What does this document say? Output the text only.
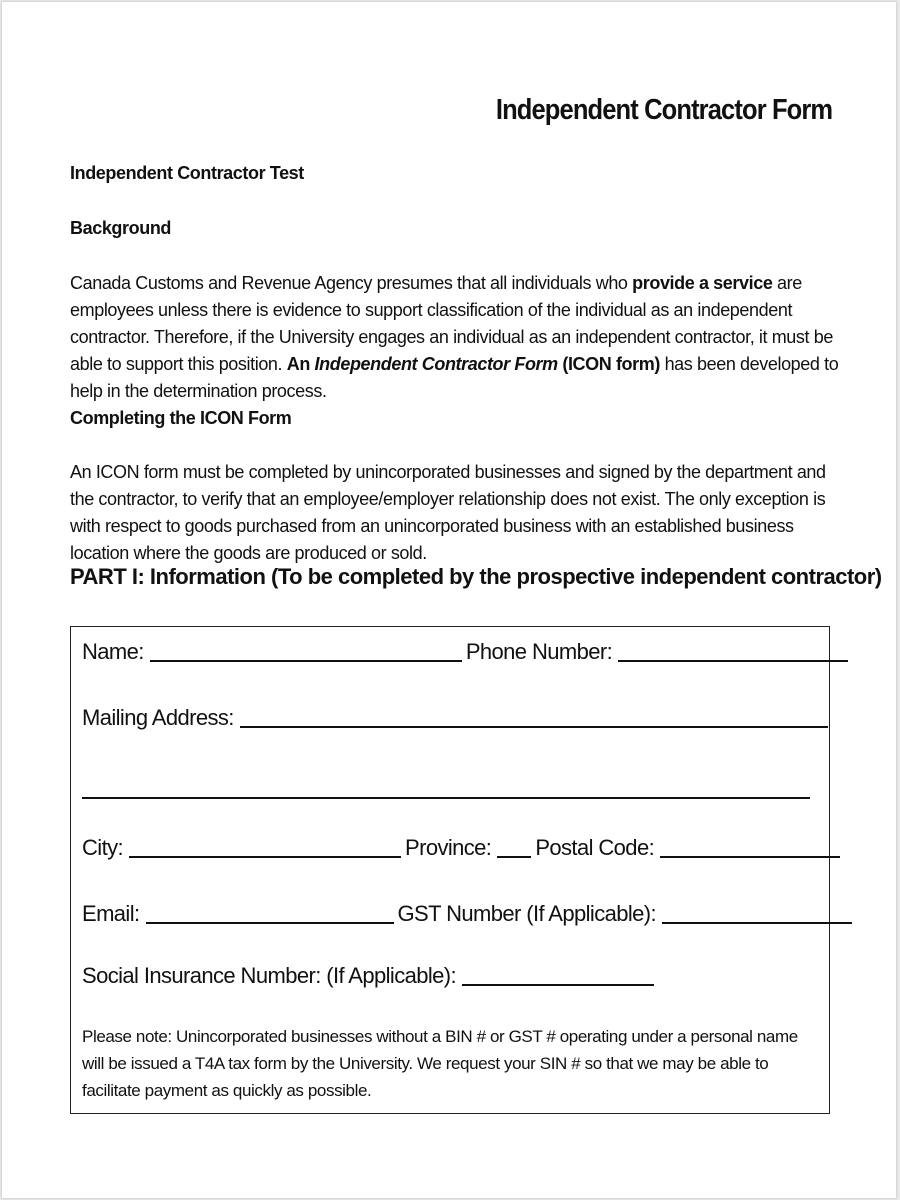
Independent Contractor Form
Independent Contractor Test
Background
Canada Customs and Revenue Agency presumes that all individuals who provide a service are employees unless there is evidence to support classification of the individual as an independent contractor. Therefore, if the University engages an individual as an independent contractor, it must be able to support this position. An Independent Contractor Form (ICON form) has been developed to help in the determination process.
Completing the ICON Form
An ICON form must be completed by unincorporated businesses and signed by the department and the contractor, to verify that an employee/employer relationship does not exist. The only exception is with respect to goods purchased from an unincorporated business with an established business location where the goods are produced or sold.
PART I: Information (To be completed by the prospective independent contractor)
Name:	Phone Number:
Mailing Address:
City:	Province: Postal Code:
Email:	GST Number (If Applicable):
Social Insurance Number: (If Applicable):
Please note: Unincorporated businesses without a BIN # or GST # operating under a personal name will be issued a T4A tax form by the University. We request your SIN # so that we may be able to facilitate payment as quickly as possible.
